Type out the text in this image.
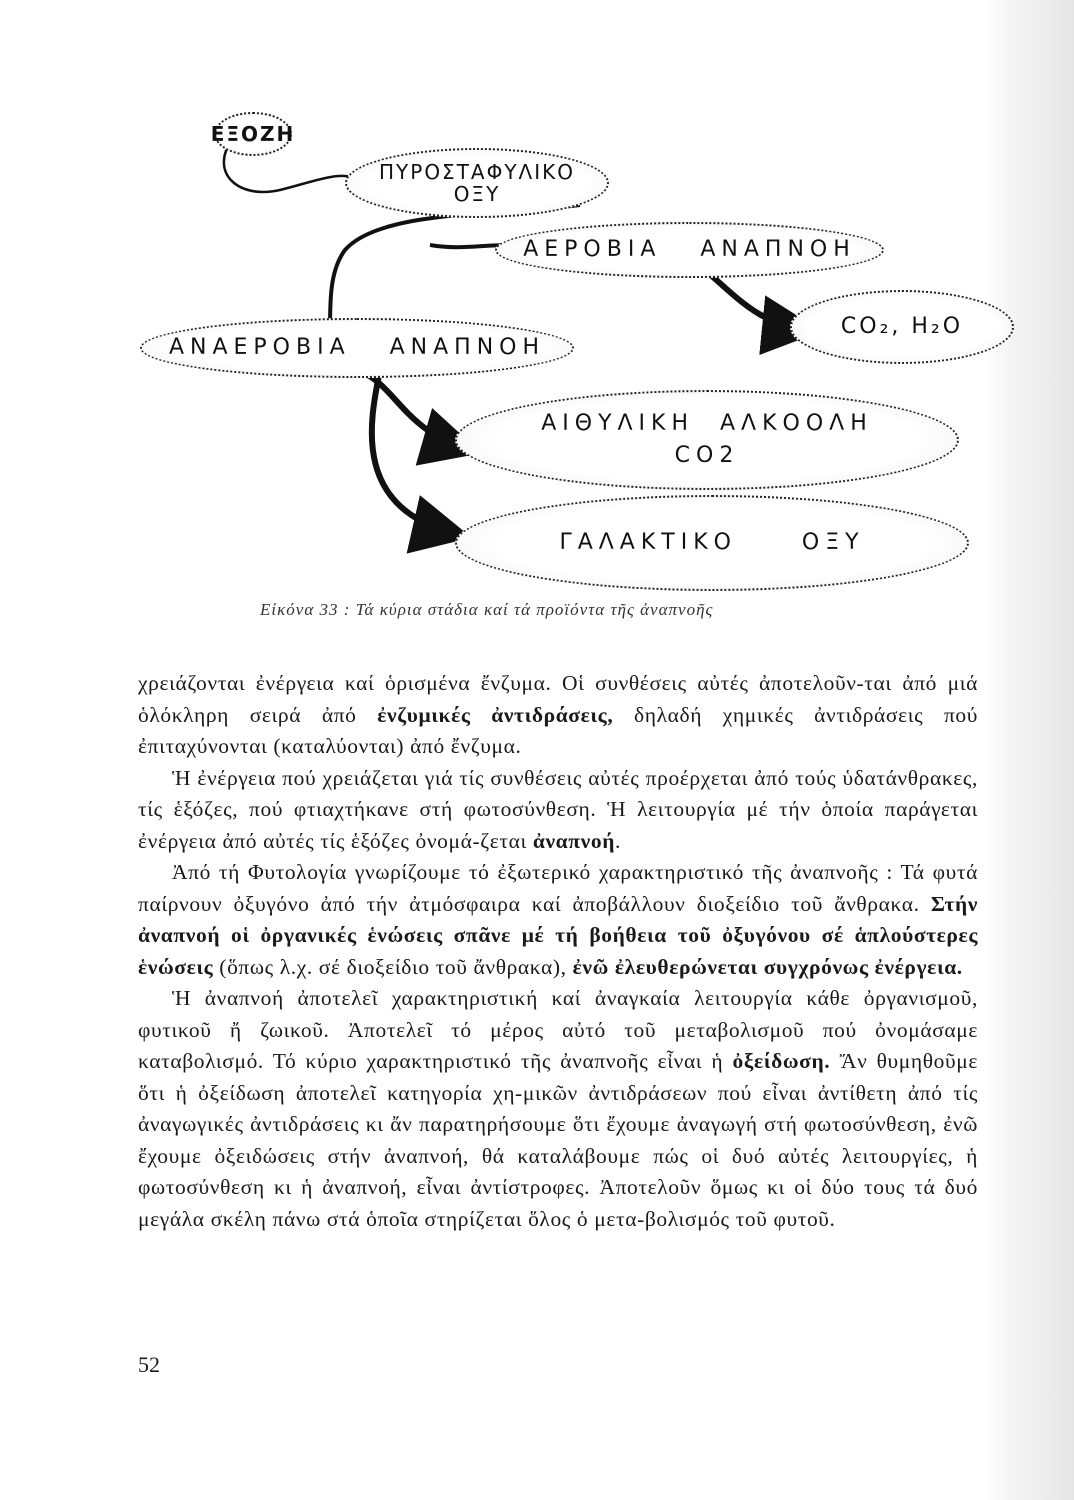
ΕΞΟΖΗ
ΠΥΡΟΣΤΑΦΥΛΙΚΟ
ΟΞΥ
ΑΕΡΟΒΙΑ   ΑΝΑΠΝΟΗ
CO₂, H₂O
ΑΝΑΕΡΟΒΙΑ   ΑΝΑΠΝΟΗ
ΑΙΘΥΛΙΚΗ  ΑΛΚΟΟΛΗ
CO2
ΓΑΛΑΚΤΙΚΟ     ΟΞΥ
Εἰκόνα 33 : Τά κύρια στάδια καί τά προϊόντα τῆς ἀναπνοῆς

χρειάζονται ἐνέργεια καί ὁρισμένα ἔνζυμα. Οἱ συνθέσεις αὐτές ἀποτελοῦν-ται ἀπό μιά ὁλόκληρη σειρά ἀπό ἐνζυμικές ἀντιδράσεις, δηλαδή χημικές ἀντιδράσεις πού ἐπιταχύνονται (καταλύονται) ἀπό ἔνζυμα.

Ἡ ἐνέργεια πού χρειάζεται γιά τίς συνθέσεις αὐτές προέρχεται ἀπό τούς ὑδατάνθρακες, τίς ἑξόζες, πού φτιαχτήκανε στή φωτοσύνθεση. Ἡ λειτουργία μέ τήν ὁποία παράγεται ἐνέργεια ἀπό αὐτές τίς ἑξόζες ὀνομά-ζεται ἀναπνοή.

Ἀπό τή Φυτολογία γνωρίζουμε τό ἐξωτερικό χαρακτηριστικό τῆς ἀναπνοῆς : Τά φυτά παίρνουν ὀξυγόνο ἀπό τήν ἀτμόσφαιρα καί ἀποβάλλουν διοξείδιο τοῦ ἄνθρακα. Στήν ἀναπνοή οἱ ὀργανικές ἑνώσεις σπᾶνε μέ τή βοήθεια τοῦ ὀξυγόνου σέ ἁπλούστερες ἑνώσεις (ὅπως λ.χ. σέ διοξείδιο τοῦ ἄνθρακα), ἐνῶ ἐλευθερώνεται συγχρόνως ἐνέργεια.

Ἡ ἀναπνοή ἀποτελεῖ χαρακτηριστική καί ἀναγκαία λειτουργία κάθε ὀργανισμοῦ, φυτικοῦ ἤ ζωικοῦ. Ἀποτελεῖ τό μέρος αὐτό τοῦ μεταβολισμοῦ πού ὀνομάσαμε καταβολισμό. Τό κύριο χαρακτηριστικό τῆς ἀναπνοῆς εἶναι ἡ ὀξείδωση. Ἄν θυμηθοῦμε ὅτι ἡ ὀξείδωση ἀποτελεῖ κατηγορία χη-μικῶν ἀντιδράσεων πού εἶναι ἀντίθετη ἀπό τίς ἀναγωγικές ἀντιδράσεις κι ἄν παρατηρήσουμε ὅτι ἔχουμε ἀναγωγή στή φωτοσύνθεση, ἐνῶ ἔχουμε ὀξειδώσεις στήν ἀναπνοή, θά καταλάβουμε πώς οἱ δυό αὐτές λειτουργίες, ἡ φωτοσύνθεση κι ἡ ἀναπνοή, εἶναι ἀντίστροφες. Ἀποτελοῦν ὅμως κι οἱ δύο τους τά δυό μεγάλα σκέλη πάνω στά ὁποῖα στηρίζεται ὅλος ὁ μετα-βολισμός τοῦ φυτοῦ.

52
